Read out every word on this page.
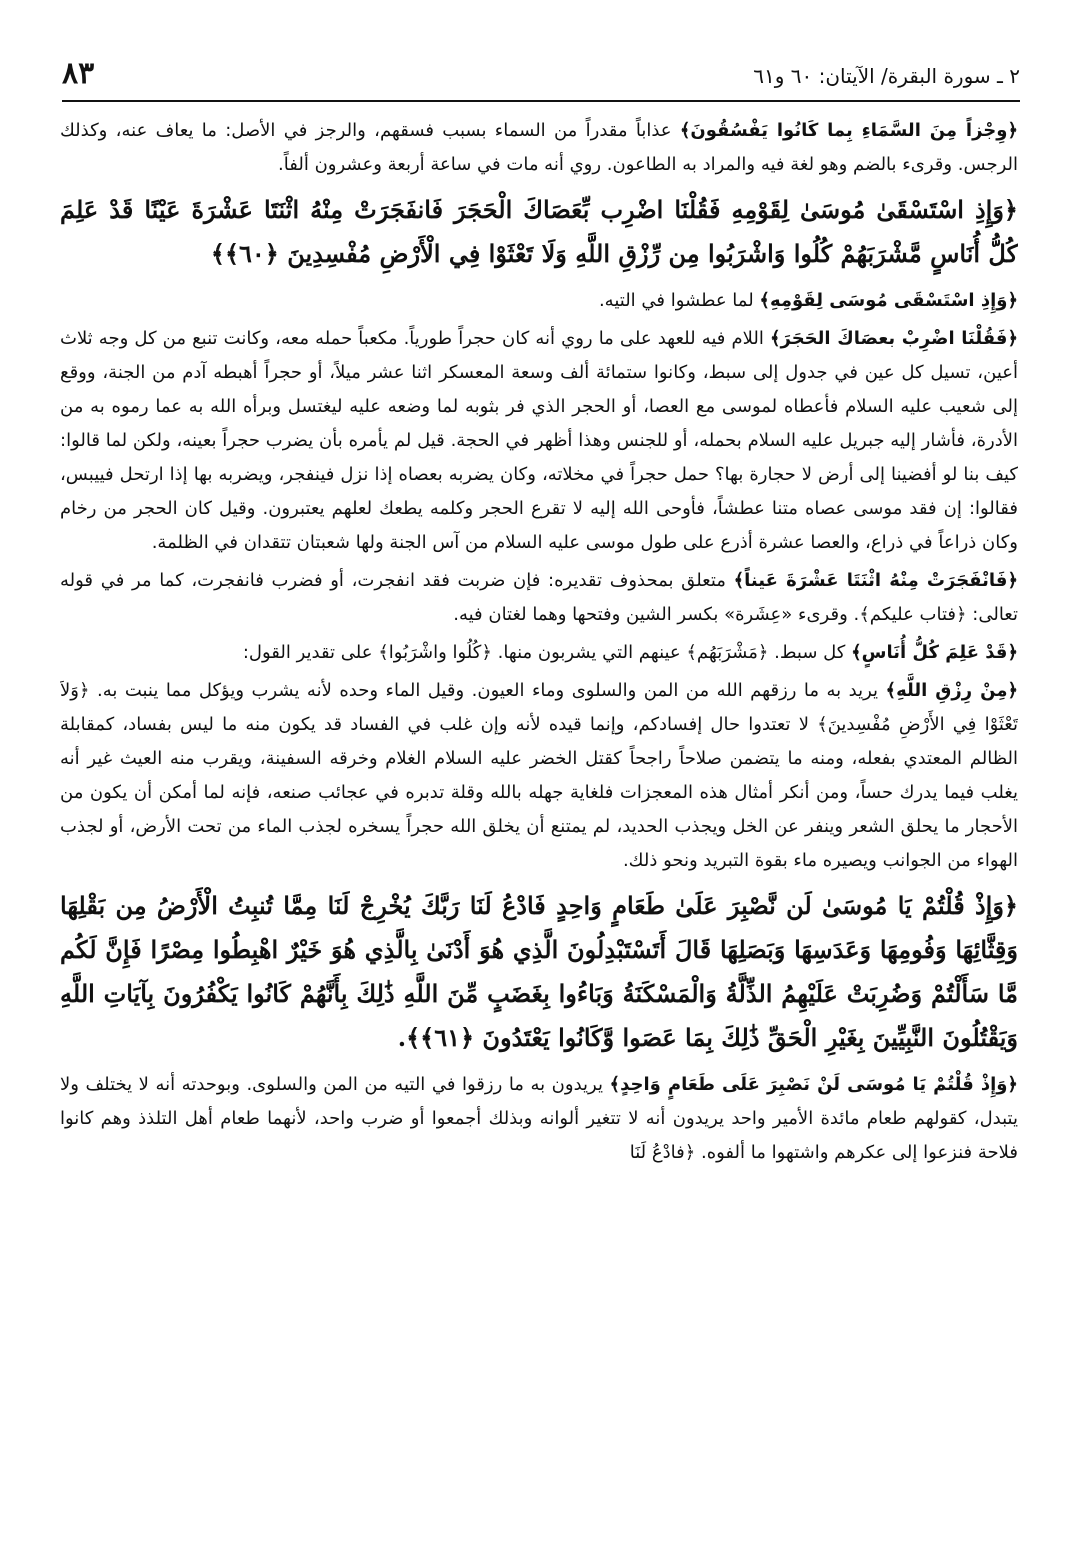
٨٣	٢ ـ سورة البقرة/ الآيتان: ٦٠ و٦١

﴿وِجْزاً مِنَ السَّمَاءِ بِما كَانُوا يَفْسُقُونَ﴾ عذاباً مقدراً من السماء بسبب فسقهم، والرجز في الأصل: ما يعاف عنه، وكذلك الرجس. وقرىء بالضم وهو لغة فيه والمراد به الطاعون. روي أنه مات في ساعة أربعة وعشرون ألفاً.

﴿وَإِذِ اسْتَسْقَىٰ مُوسَىٰ لِقَوْمِهِ فَقُلْنَا اضْرِب بِّعَصَاكَ الْحَجَرَ فَانفَجَرَتْ مِنْهُ اثْنَتَا عَشْرَةَ عَيْنًا قَدْ عَلِمَ كُلُّ أُنَاسٍ مَّشْرَبَهُمْ كُلُوا وَاشْرَبُوا مِن رِّزْقِ اللَّهِ وَلَا تَعْثَوْا فِي الْأَرْضِ مُفْسِدِينَ ﴿٦٠﴾﴾

﴿وَإِذِ اسْتَسْقَى مُوسَى لِقَوْمِهِ﴾ لما عطشوا في التيه.

﴿فَقُلْنَا اضْرِبْ بعصَاكَ الحَجَرَ﴾ اللام فيه للعهد على ما روي أنه كان حجراً طورياً. مكعباً حمله معه، وكانت تنبع من كل وجه ثلاث أعين، تسيل كل عين في جدول إلى سبط، وكانوا ستمائة ألف وسعة المعسكر اثنا عشر ميلاً، أو حجراً أهبطه آدم من الجنة، ووقع إلى شعيب عليه السلام فأعطاه لموسى مع العصا، أو الحجر الذي فر بثوبه لما وضعه عليه ليغتسل وبرأه الله به عما رموه به من الأدرة، فأشار إليه جبريل عليه السلام بحمله، أو للجنس وهذا أظهر في الحجة. قيل لم يأمره بأن يضرب حجراً بعينه، ولكن لما قالوا: كيف بنا لو أفضينا إلى أرض لا حجارة بها؟ حمل حجراً في مخلاته، وكان يضربه بعصاه إذا نزل فينفجر، ويضربه بها إذا ارتحل فييبس، فقالوا: إن فقد موسى عصاه متنا عطشاً، فأوحى الله إليه لا تقرع الحجر وكلمه يطعك لعلهم يعتبرون. وقيل كان الحجر من رخام وكان ذراعاً في ذراع، والعصا عشرة أذرع على طول موسى عليه السلام من آس الجنة ولها شعبتان تتقدان في الظلمة.

﴿فَانْفَجَرَتْ مِنْهُ اثْنَتَا عَشْرَةَ عَيناً﴾ متعلق بمحذوف تقديره: فإن ضربت فقد انفجرت، أو فضرب فانفجرت، كما مر في قوله تعالى: ﴿فتاب عليكم﴾. وقرىء «عِشَرة» بكسر الشين وفتحها وهما لغتان فيه.

﴿قَدْ عَلِمَ كُلُّ أُنَاسٍ﴾ كل سبط. ﴿مَشْرَبَهُم﴾ عينهم التي يشربون منها. ﴿كُلُوا واشْرَبُوا﴾ على تقدير القول:

﴿مِنْ رِزْقِ اللَّهِ﴾ يريد به ما رزقهم الله من المن والسلوى وماء العيون. وقيل الماء وحده لأنه يشرب ويؤكل مما ينبت به. ﴿وَلاَ تَعْثَوْا فِي الأَرْضِ مُفْسِدينَ﴾ لا تعتدوا حال إفسادكم، وإنما قيده لأنه وإن غلب في الفساد قد يكون منه ما ليس بفساد، كمقابلة الظالم المعتدي بفعله، ومنه ما يتضمن صلاحاً راجحاً كقتل الخضر عليه السلام الغلام وخرقه السفينة، ويقرب منه العيث غير أنه يغلب فيما يدرك حساً، ومن أنكر أمثال هذه المعجزات فلغاية جهله بالله وقلة تدبره في عجائب صنعه، فإنه لما أمكن أن يكون من الأحجار ما يحلق الشعر وينفر عن الخل ويجذب الحديد، لم يمتنع أن يخلق الله حجراً يسخره لجذب الماء من تحت الأرض، أو لجذب الهواء من الجوانب ويصيره ماء بقوة التبريد ونحو ذلك.

﴿وَإِذْ قُلْتُمْ يَا مُوسَىٰ لَن نَّصْبِرَ عَلَىٰ طَعَامٍ وَاحِدٍ فَادْعُ لَنَا رَبَّكَ يُخْرِجْ لَنَا مِمَّا تُنبِتُ الْأَرْضُ مِن بَقْلِهَا وَقِثَّائِهَا وَفُومِهَا وَعَدَسِهَا وَبَصَلِهَا قَالَ أَتَسْتَبْدِلُونَ الَّذِي هُوَ أَدْنَىٰ بِالَّذِي هُوَ خَيْرٌ اهْبِطُوا مِصْرًا فَإِنَّ لَكُم مَّا سَأَلْتُمْ وَضُرِبَتْ عَلَيْهِمُ الذِّلَّةُ وَالْمَسْكَنَةُ وَبَاءُوا بِغَضَبٍ مِّنَ اللَّهِ ذَٰلِكَ بِأَنَّهُمْ كَانُوا يَكْفُرُونَ بِآيَاتِ اللَّهِ وَيَقْتُلُونَ النَّبِيِّينَ بِغَيْرِ الْحَقِّ ذَٰلِكَ بِمَا عَصَوا وَّكَانُوا يَعْتَدُونَ ﴿٦١﴾﴾.

﴿وَإِذْ قُلْتُمْ يَا مُوسَى لَنْ نَصْبِرَ عَلَى طَعَامٍ وَاحِدٍ﴾ يريدون به ما رزقوا في التيه من المن والسلوى. وبوحدته أنه لا يختلف ولا يتبدل، كقولهم طعام مائدة الأمير واحد يريدون أنه لا تتغير ألوانه وبذلك أجمعوا أو ضرب واحد، لأنهما طعام أهل التلذذ وهم كانوا فلاحة فنزعوا إلى عكرهم واشتهوا ما ألفوه. ﴿فادْعُ لَنَا
